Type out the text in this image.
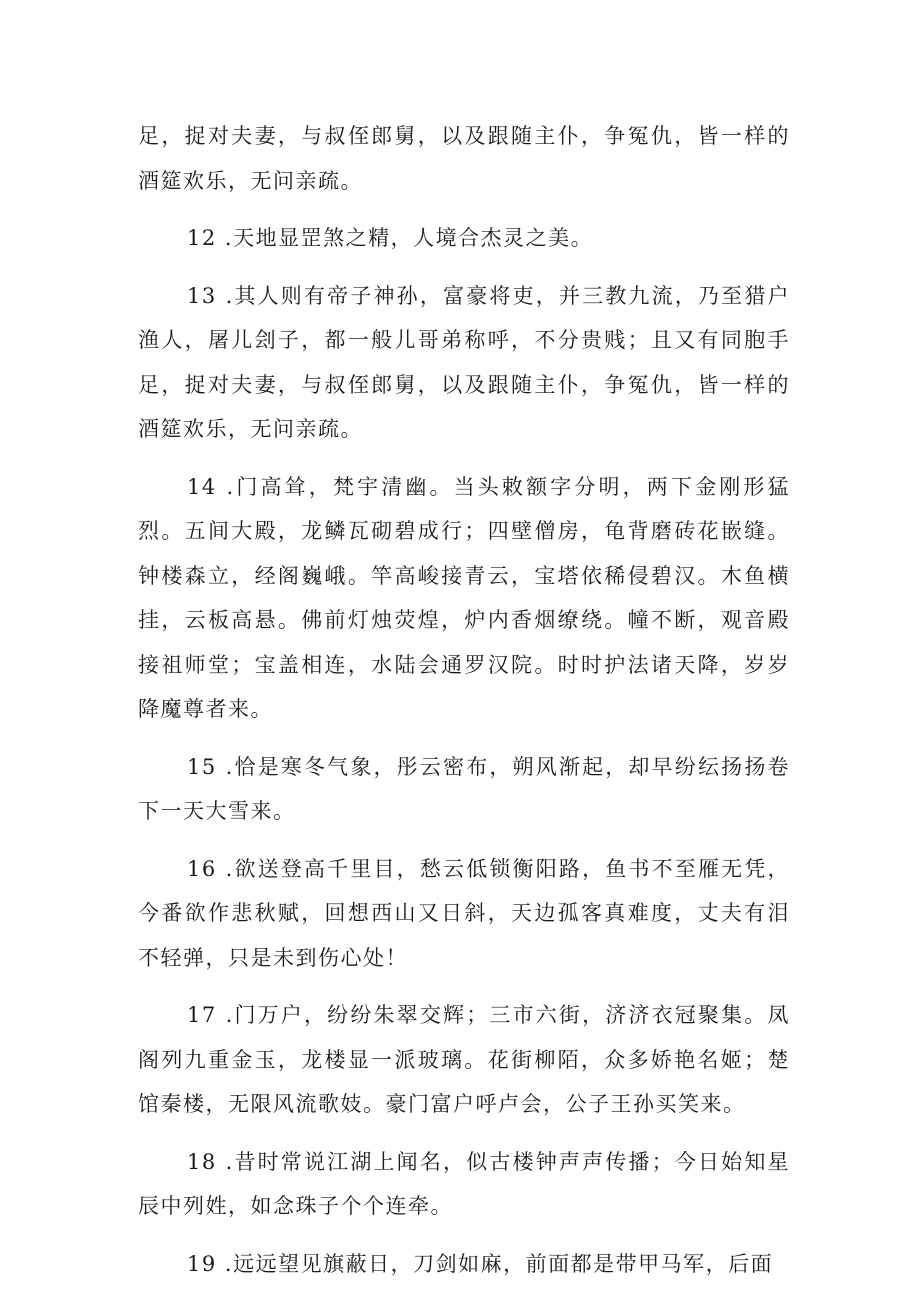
足，捉对夫妻，与叔侄郎舅，以及跟随主仆，争冤仇，皆一样的酒筵欢乐，无问亲疏。

12 .天地显罡煞之精，人境合杰灵之美。

13 .其人则有帝子神孙，富豪将吏，并三教九流，乃至猎户渔人，屠儿刽子，都一般儿哥弟称呼，不分贵贱；且又有同胞手足，捉对夫妻，与叔侄郎舅，以及跟随主仆，争冤仇，皆一样的酒筵欢乐，无问亲疏。

14 .门高耸，梵宇清幽。当头敕额字分明，两下金刚形猛烈。五间大殿，龙鳞瓦砌碧成行；四壁僧房，龟背磨砖花嵌缝。钟楼森立，经阁巍峨。竿高峻接青云，宝塔依稀侵碧汉。木鱼横挂，云板高悬。佛前灯烛荧煌，炉内香烟缭绕。幢不断，观音殿接祖师堂；宝盖相连，水陆会通罗汉院。时时护法诸天降，岁岁降魔尊者来。

15 .恰是寒冬气象，彤云密布，朔风渐起，却早纷纭扬扬卷下一天大雪来。

16 .欲送登高千里目，愁云低锁衡阳路，鱼书不至雁无凭，今番欲作悲秋赋，回想西山又日斜，天边孤客真难度，丈夫有泪不轻弹，只是未到伤心处！

17 .门万户，纷纷朱翠交辉；三市六街，济济衣冠聚集。凤阁列九重金玉，龙楼显一派玻璃。花街柳陌，众多娇艳名姬；楚馆秦楼，无限风流歌妓。豪门富户呼卢会，公子王孙买笑来。

18 .昔时常说江湖上闻名，似古楼钟声声传播；今日始知星辰中列姓，如念珠子个个连牵。

19 .远远望见旗蔽日，刀剑如麻，前面都是带甲马军，后面
